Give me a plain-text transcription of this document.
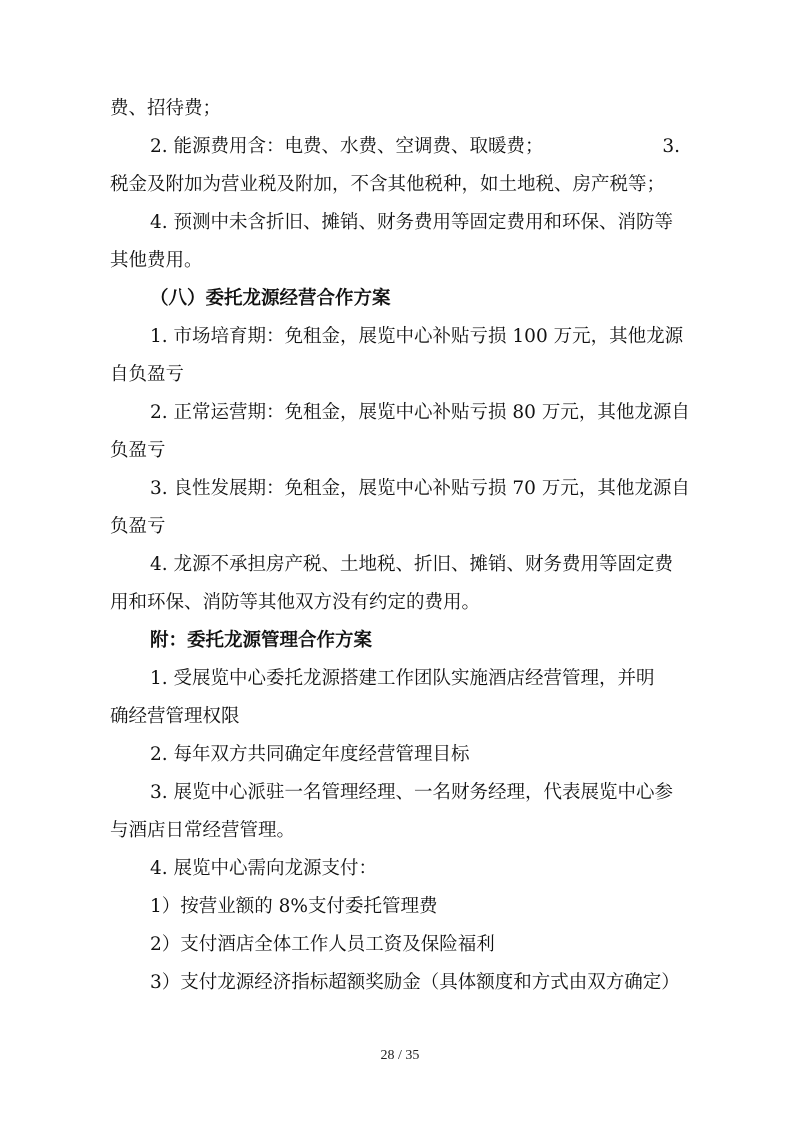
费、招待费；
2. 能源费用含：电费、水费、空调费、取暖费；	3.
税金及附加为营业税及附加，不含其他税种，如土地税、房产税等；
4. 预测中未含折旧、摊销、财务费用等固定费用和环保、消防等
其他费用。
（八）委托龙源经营合作方案
1. 市场培育期：免租金，展览中心补贴亏损 100 万元，其他龙源
自负盈亏
2. 正常运营期：免租金，展览中心补贴亏损 80 万元，其他龙源自
负盈亏
3. 良性发展期：免租金，展览中心补贴亏损 70 万元，其他龙源自
负盈亏
4. 龙源不承担房产税、土地税、折旧、摊销、财务费用等固定费
用和环保、消防等其他双方没有约定的费用。
附：委托龙源管理合作方案
1. 受展览中心委托龙源搭建工作团队实施酒店经营管理，并明
确经营管理权限
2. 每年双方共同确定年度经营管理目标
3. 展览中心派驻一名管理经理、一名财务经理，代表展览中心参
与酒店日常经营管理。
4. 展览中心需向龙源支付：
1）按营业额的 8%支付委托管理费
2）支付酒店全体工作人员工资及保险福利
3）支付龙源经济指标超额奖励金（具体额度和方式由双方确定）
28 / 35
